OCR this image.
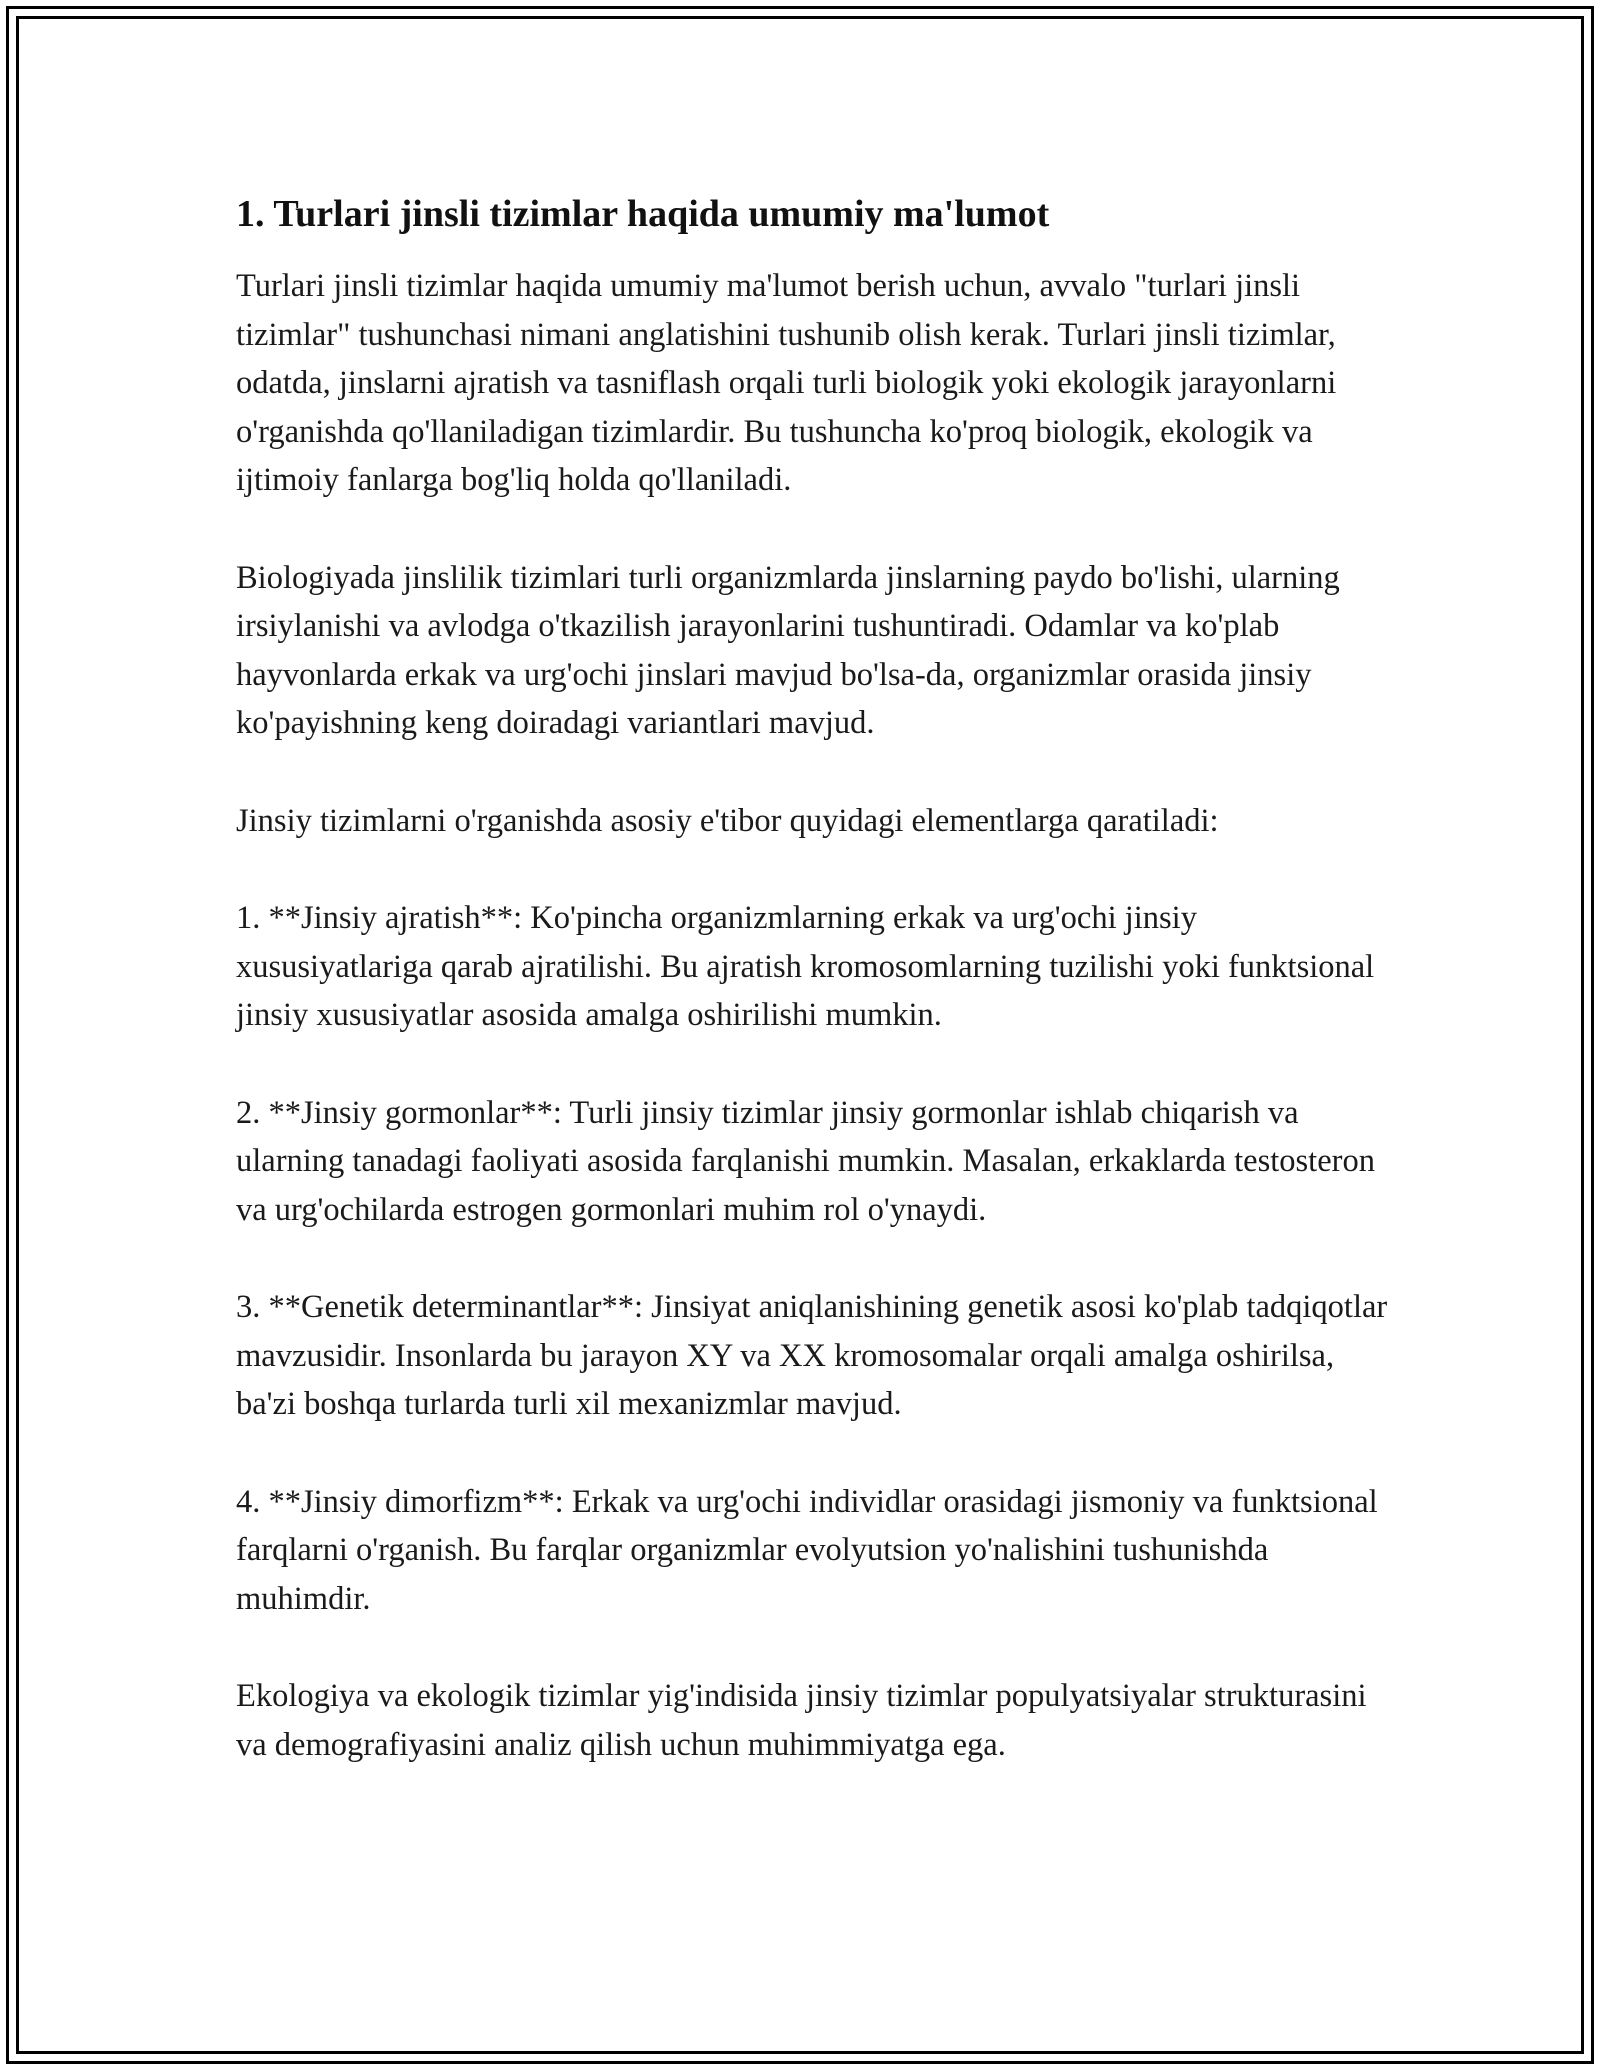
1. Turlari jinsli tizimlar haqida umumiy ma'lumot

Turlari jinsli tizimlar haqida umumiy ma'lumot berish uchun, avvalo "turlari jinsli tizimlar" tushunchasi nimani anglatishini tushunib olish kerak. Turlari jinsli tizimlar, odatda, jinslarni ajratish va tasniflash orqali turli biologik yoki ekologik jarayonlarni o'rganishda qo'llaniladigan tizimlardir. Bu tushuncha ko'proq biologik, ekologik va ijtimoiy fanlarga bog'liq holda qo'llaniladi.

Biologiyada jinslilik tizimlari turli organizmlarda jinslarning paydo bo'lishi, ularning irsiylanishi va avlodga o'tkazilish jarayonlarini tushuntiradi. Odamlar va ko'plab hayvonlarda erkak va urg'ochi jinslari mavjud bo'lsa-da, organizmlar orasida jinsiy ko'payishning keng doiradagi variantlari mavjud.

Jinsiy tizimlarni o'rganishda asosiy e'tibor quyidagi elementlarga qaratiladi:

1. **Jinsiy ajratish**: Ko'pincha organizmlarning erkak va urg'ochi jinsiy xususiyatlariga qarab ajratilishi. Bu ajratish kromosomlarning tuzilishi yoki funktsional jinsiy xususiyatlar asosida amalga oshirilishi mumkin.

2. **Jinsiy gormonlar**: Turli jinsiy tizimlar jinsiy gormonlar ishlab chiqarish va ularning tanadagi faoliyati asosida farqlanishi mumkin. Masalan, erkaklarda testosteron va urg'ochilarda estrogen gormonlari muhim rol o'ynaydi.

3. **Genetik determinantlar**: Jinsiyat aniqlanishining genetik asosi ko'plab tadqiqotlar mavzusidir. Insonlarda bu jarayon XY va XX kromosomalar orqali amalga oshirilsa, ba'zi boshqa turlarda turli xil mexanizmlar mavjud.

4. **Jinsiy dimorfizm**: Erkak va urg'ochi individlar orasidagi jismoniy va funktsional farqlarni o'rganish. Bu farqlar organizmlar evolyutsion yo'nalishini tushunishda muhimdir.

Ekologiya va ekologik tizimlar yig'indisida jinsiy tizimlar populyatsiyalar strukturasini va demografiyasini analiz qilish uchun muhimmiyatga ega.
